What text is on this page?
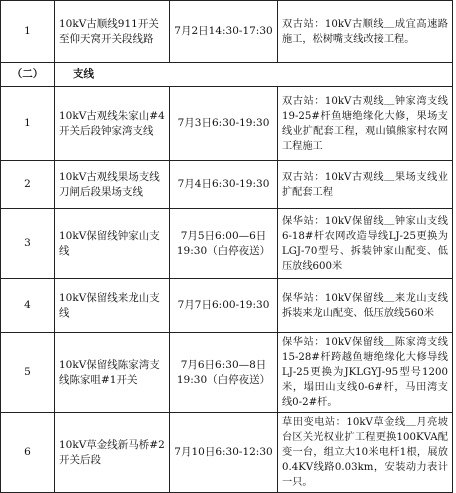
1	10kV古顺线911开关至仰天窝开关段线路	7月2日14:30-17:30	双古站：10kV古顺线＿成宜高速路施工，松树嘴支线改接工程。
（二）	支线		
1	10kV古观线朱家山#4开关后段钟家湾支线	7月3日6:30-19:30	双古站：10kV古观线＿钟家湾支线19-25#杆鱼塘绝缘化大修，果场支线业扩配套工程，观山镇熊家村农网工程施工
2	10kV古观线果场支线刀闸后段果场支线	7月4日6:30-19:30	双古站：10kV古观线＿果场支线业扩配套工程
3	10kV保留线钟家山支线	7月5日6:00—6日19:30（白停夜送）	保华站：10kV保留线＿钟家山支线6-18#杆农网改造导线LJ-25更换为LGJ-70型号、拆装钟家山配变、低压放线600米
4	10kV保留线来龙山支线	7月7日6:00-19:30	保华站：10kV保留线＿来龙山支线拆装来龙山配变、低压放线560米
5	10kV保留线陈家湾支线陈家咀#1开关	7月6日6:30—8日19:30（白停夜送）	保华站：10kV保留线＿陈家湾支线15-28#杆跨越鱼塘绝缘化大修导线LJ-25更换为JKLGYJ-95型号1200米，塌田山支线0-6#杆，马田湾支线0-2#杆。
6	10kV草金线新马桥#2开关后段	7月10日6:30-12:30	草田变电站：10kV草金线＿月亮坡台区关光权业扩工程更换100KVA配变一台，组立大10米电杆1根，展放0.4KV线路0.03km，安装动力表计一只。
